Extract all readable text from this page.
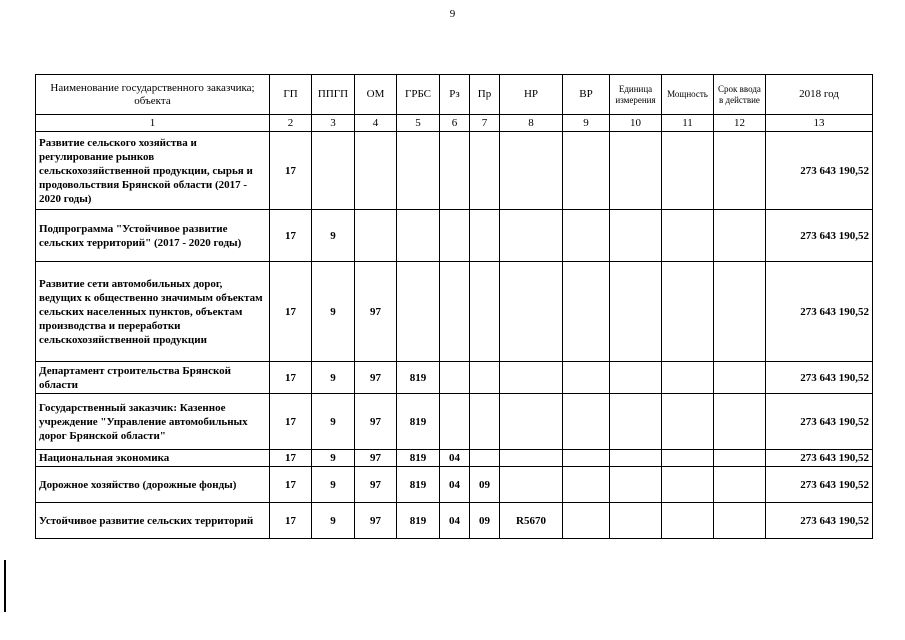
9
Наименование государственного заказчика; объекта	ГП	ППГП	ОМ	ГРБС	Рз	Пр	НР	ВР	Единица измерения	Мощность	Срок ввода в действие	2018 год
1	2	3	4	5	6	7	8	9	10	11	12	13
Развитие сельского хозяйства и регулирование рынков сельскохозяйственной продукции, сырья и продовольствия Брянской области (2017 - 2020 годы)	17											273 643 190,52
Подпрограмма "Устойчивое развитие сельских территорий" (2017 - 2020 годы)	17	9										273 643 190,52
Развитие сети автомобильных дорог, ведущих к общественно значимым объектам сельских населенных пунктов, объектам производства и переработки сельскохозяйственной продукции	17	9	97									273 643 190,52
Департамент строительства Брянской области	17	9	97	819								273 643 190,52
Государственный заказчик: Казенное учреждение "Управление автомобильных дорог Брянской области"	17	9	97	819								273 643 190,52
Национальная экономика	17	9	97	819	04							273 643 190,52
Дорожное хозяйство (дорожные фонды)	17	9	97	819	04	09						273 643 190,52
Устойчивое развитие сельских территорий	17	9	97	819	04	09	R5670					273 643 190,52
